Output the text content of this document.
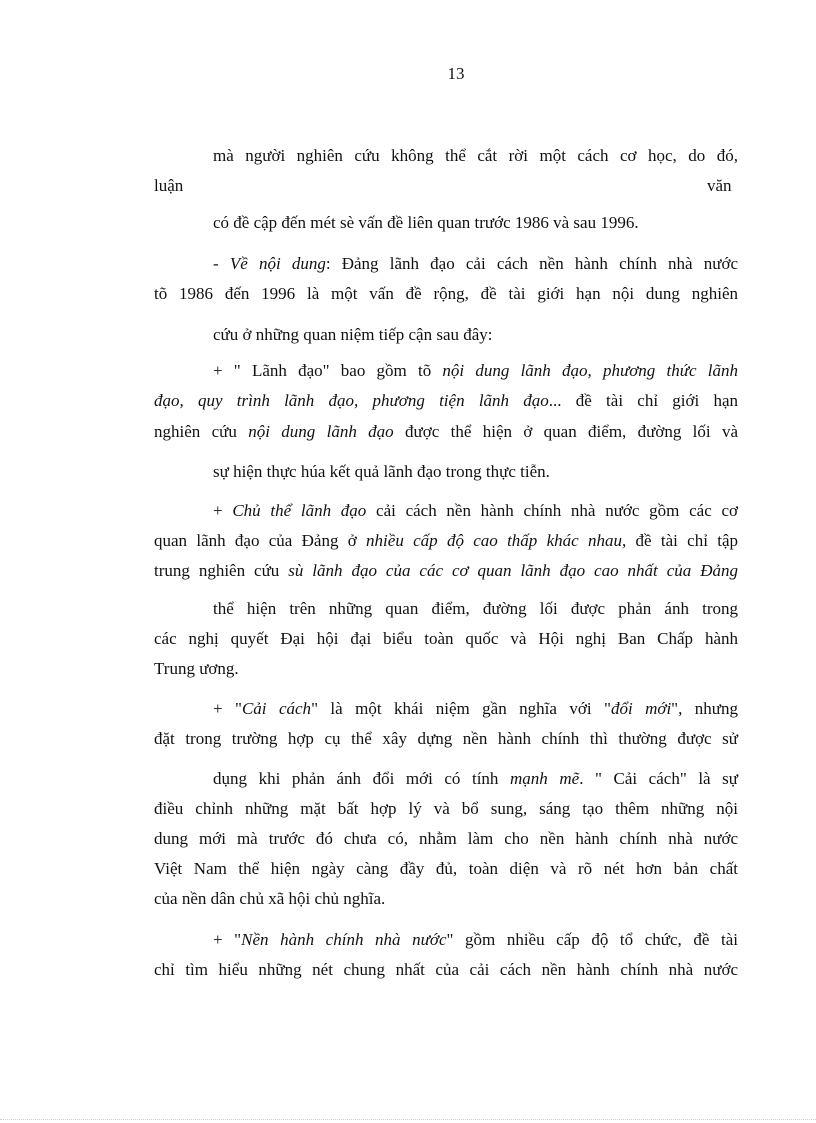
13
mà người nghiên cứu không thể cắt rời một cách cơ học, do đó,
luận	văn
có đề cập đến mét sè vấn đề liên quan trước 1986 và sau 1996.
- Về nội dung: Đảng lãnh đạo cải cách nền hành chính nhà nước
tõ 1986 đến 1996 là một vấn đề rộng, đề tài giới hạn nội dung nghiên
cứu ở những quan niệm tiếp cận sau đây:
+ " Lãnh đạo" bao gồm tõ nội dung lãnh đạo, phương thức lãnh
đạo, quy trình lãnh đạo, phương tiện lãnh đạo... đề tài chỉ giới hạn
nghiên cứu nội dung lãnh đạo được thể hiện ở quan điểm, đường lối và
sự hiện thực húa kết quả lãnh đạo trong thực tiễn.
+ Chủ thể lãnh đạo cải cách nền hành chính nhà nước gồm các cơ
quan lãnh đạo của Đảng ở nhiều cấp độ cao thấp khác nhau, đề tài chỉ tập
trung nghiên cứu sù lãnh đạo của các cơ quan lãnh đạo cao nhất của Đảng
thể hiện trên những quan điểm, đường lối được phản ánh trong
các nghị quyết Đại hội đại biểu toàn quốc và Hội nghị Ban Chấp hành
Trung ương.
+ "Cải cách" là một khái niệm gần nghĩa với "đổi mới", nhưng
đặt trong trường hợp cụ thể xây dựng nền hành chính thì thường được sử
dụng khi phản ánh đổi mới có tính mạnh mẽ. " Cải cách" là sự
điều chỉnh những mặt bất hợp lý và bổ sung, sáng tạo thêm những nội
dung mới mà trước đó chưa có, nhằm làm cho nền hành chính nhà nước
Việt Nam thể hiện ngày càng đầy đủ, toàn diện và rõ nét hơn bản chất
của nền dân chủ xã hội chủ nghĩa.
+ "Nền hành chính nhà nước" gồm nhiều cấp độ tổ chức, đề tài
chỉ tìm hiểu những nét chung nhất của cải cách nền hành chính nhà nước
